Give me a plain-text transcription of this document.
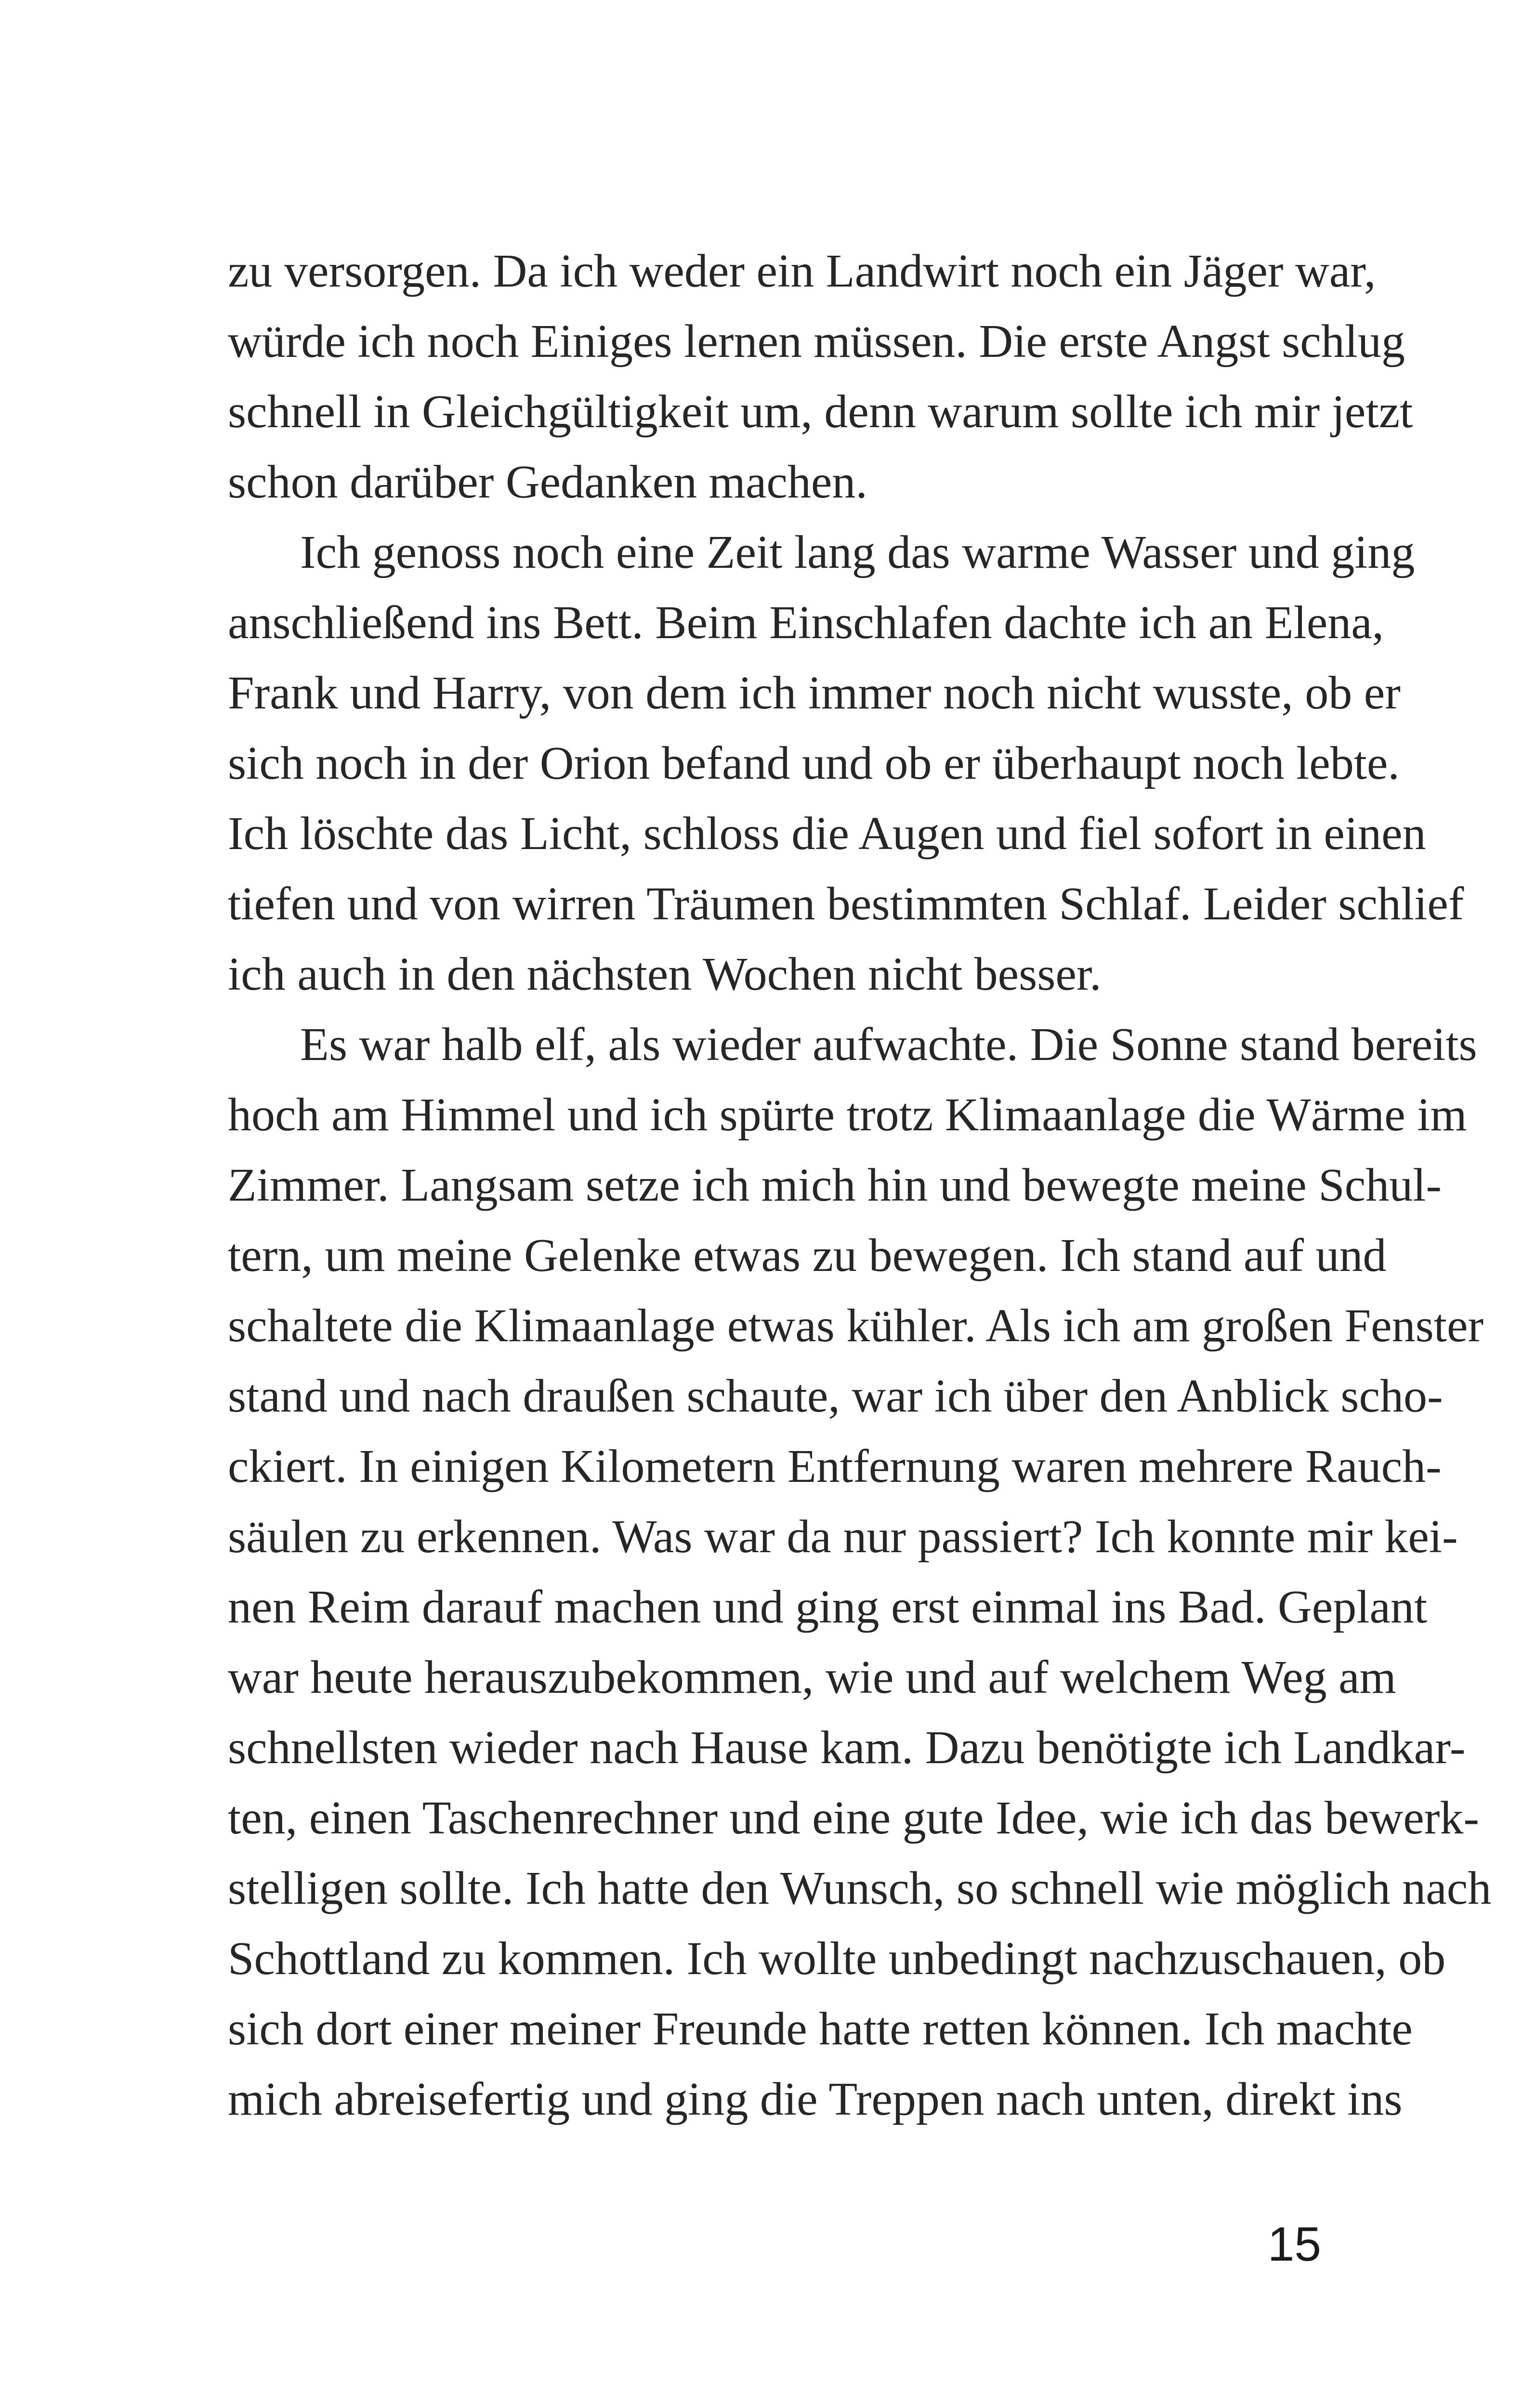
zu versorgen. Da ich weder ein Landwirt noch ein Jäger war,
würde ich noch Einiges lernen müssen. Die erste Angst schlug
schnell in Gleichgültigkeit um, denn warum sollte ich mir jetzt
schon darüber Gedanken machen.
Ich genoss noch eine Zeit lang das warme Wasser und ging
anschließend ins Bett. Beim Einschlafen dachte ich an Elena,
Frank und Harry, von dem ich immer noch nicht wusste, ob er
sich noch in der Orion befand und ob er überhaupt noch lebte.
Ich löschte das Licht, schloss die Augen und fiel sofort in einen
tiefen und von wirren Träumen bestimmten Schlaf. Leider schlief
ich auch in den nächsten Wochen nicht besser.
Es war halb elf, als wieder aufwachte. Die Sonne stand bereits
hoch am Himmel und ich spürte trotz Klimaanlage die Wärme im
Zimmer. Langsam setze ich mich hin und bewegte meine Schul-
tern, um meine Gelenke etwas zu bewegen. Ich stand auf und
schaltete die Klimaanlage etwas kühler. Als ich am großen Fenster
stand und nach draußen schaute, war ich über den Anblick scho-
ckiert. In einigen Kilometern Entfernung waren mehrere Rauch-
säulen zu erkennen. Was war da nur passiert? Ich konnte mir kei-
nen Reim darauf machen und ging erst einmal ins Bad. Geplant
war heute herauszubekommen, wie und auf welchem Weg am
schnellsten wieder nach Hause kam. Dazu benötigte ich Landkar-
ten, einen Taschenrechner und eine gute Idee, wie ich das bewerk-
stelligen sollte. Ich hatte den Wunsch, so schnell wie möglich nach
Schottland zu kommen. Ich wollte unbedingt nachzuschauen, ob
sich dort einer meiner Freunde hatte retten können. Ich machte
mich abreisefertig und ging die Treppen nach unten, direkt ins
15
